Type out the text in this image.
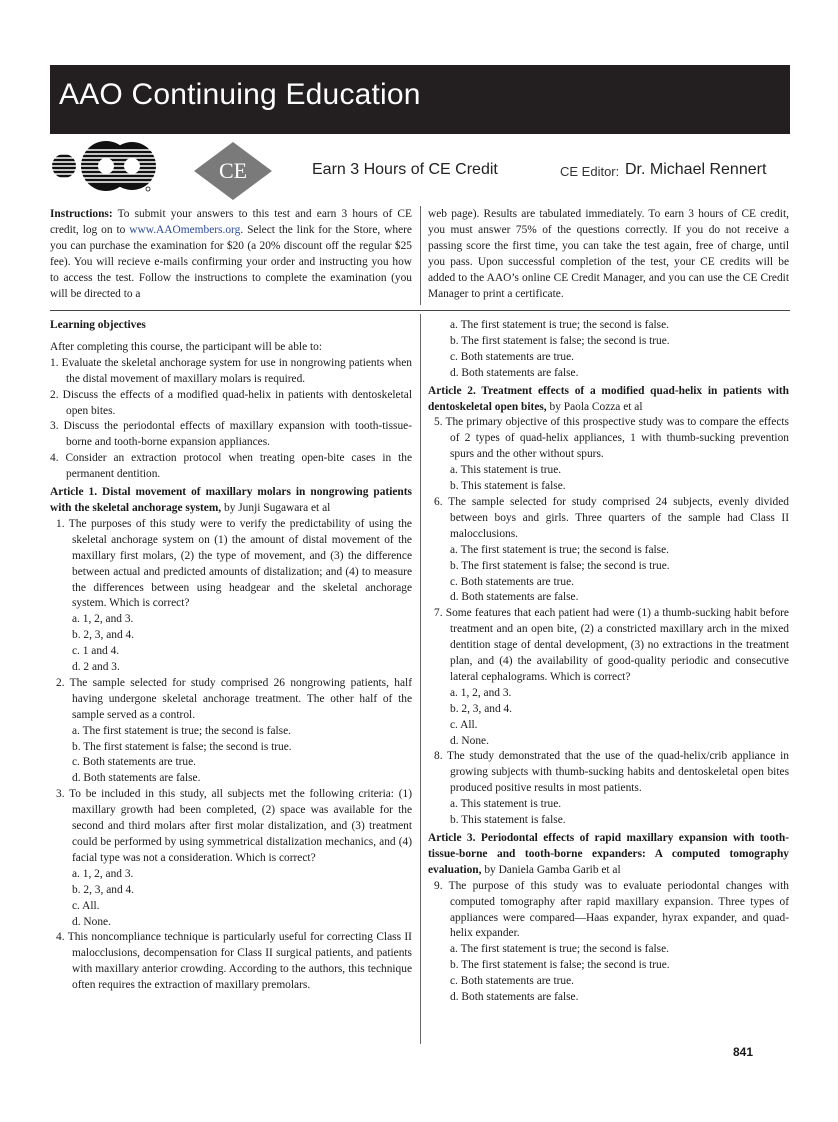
AAO Continuing Education
CE	Earn 3 Hours of CE Credit	CE Editor: Dr. Michael Rennert
Instructions: To submit your answers to this test and earn 3 hours of CE credit, log on to www.AAOmembers.org. Select the link for the Store, where you can purchase the examination for $20 (a 20% discount off the regular $25 fee). You will recieve e-mails confirming your order and instructing you how to access the test. Follow the instructions to complete the examination (you will be directed to a
web page). Results are tabulated immediately. To earn 3 hours of CE credit, you must answer 75% of the questions correctly. If you do not receive a passing score the first time, you can take the test again, free of charge, until you pass. Upon successful completion of the test, your CE credits will be added to the AAO’s online CE Credit Manager, and you can use the CE Credit Manager to print a certificate.
Learning objectives
After completing this course, the participant will be able to:
1. Evaluate the skeletal anchorage system for use in nongrowing patients when the distal movement of maxillary molars is required.
2. Discuss the effects of a modified quad-helix in patients with dentoskeletal open bites.
3. Discuss the periodontal effects of maxillary expansion with tooth-tissue-borne and tooth-borne expansion appliances.
4. Consider an extraction protocol when treating open-bite cases in the permanent dentition.
Article 1. Distal movement of maxillary molars in nongrowing patients with the skeletal anchorage system, by Junji Sugawara et al
1. The purposes of this study were to verify the predictability of using the skeletal anchorage system on (1) the amount of distal movement of the maxillary first molars, (2) the type of movement, and (3) the difference between actual and predicted amounts of distalization; and (4) to measure the differences between using headgear and the skeletal anchorage system. Which is correct?
a. 1, 2, and 3.
b. 2, 3, and 4.
c. 1 and 4.
d. 2 and 3.
2. The sample selected for study comprised 26 nongrowing patients, half having undergone skeletal anchorage treatment. The other half of the sample served as a control.
a. The first statement is true; the second is false.
b. The first statement is false; the second is true.
c. Both statements are true.
d. Both statements are false.
3. To be included in this study, all subjects met the following criteria: (1) maxillary growth had been completed, (2) space was available for the second and third molars after first molar distalization, and (3) treatment could be performed by using symmetrical distalization mechanics, and (4) facial type was not a consideration. Which is correct?
a. 1, 2, and 3.
b. 2, 3, and 4.
c. All.
d. None.
4. This noncompliance technique is particularly useful for correcting Class II malocclusions, decompensation for Class II surgical patients, and patients with maxillary anterior crowding. According to the authors, this technique often requires the extraction of maxillary premolars.
a. The first statement is true; the second is false.
b. The first statement is false; the second is true.
c. Both statements are true.
d. Both statements are false.
Article 2. Treatment effects of a modified quad-helix in patients with dentoskeletal open bites, by Paola Cozza et al
5. The primary objective of this prospective study was to compare the effects of 2 types of quad-helix appliances, 1 with thumb-sucking prevention spurs and the other without spurs.
a. This statement is true.
b. This statement is false.
6. The sample selected for study comprised 24 subjects, evenly divided between boys and girls. Three quarters of the sample had Class II malocclusions.
a. The first statement is true; the second is false.
b. The first statement is false; the second is true.
c. Both statements are true.
d. Both statements are false.
7. Some features that each patient had were (1) a thumb-sucking habit before treatment and an open bite, (2) a constricted maxillary arch in the mixed dentition stage of dental development, (3) no extractions in the treatment plan, and (4) the availability of good-quality periodic and consecutive lateral cephalograms. Which is correct?
a. 1, 2, and 3.
b. 2, 3, and 4.
c. All.
d. None.
8. The study demonstrated that the use of the quad-helix/crib appliance in growing subjects with thumb-sucking habits and dentoskeletal open bites produced positive results in most patients.
a. This statement is true.
b. This statement is false.
Article 3. Periodontal effects of rapid maxillary expansion with tooth-tissue-borne and tooth-borne expanders: A computed tomography evaluation, by Daniela Gamba Garib et al
9. The purpose of this study was to evaluate periodontal changes with computed tomography after rapid maxillary expansion. Three types of appliances were compared—Haas expander, hyrax expander, and quad-helix expander.
a. The first statement is true; the second is false.
b. The first statement is false; the second is true.
c. Both statements are true.
d. Both statements are false.
841
